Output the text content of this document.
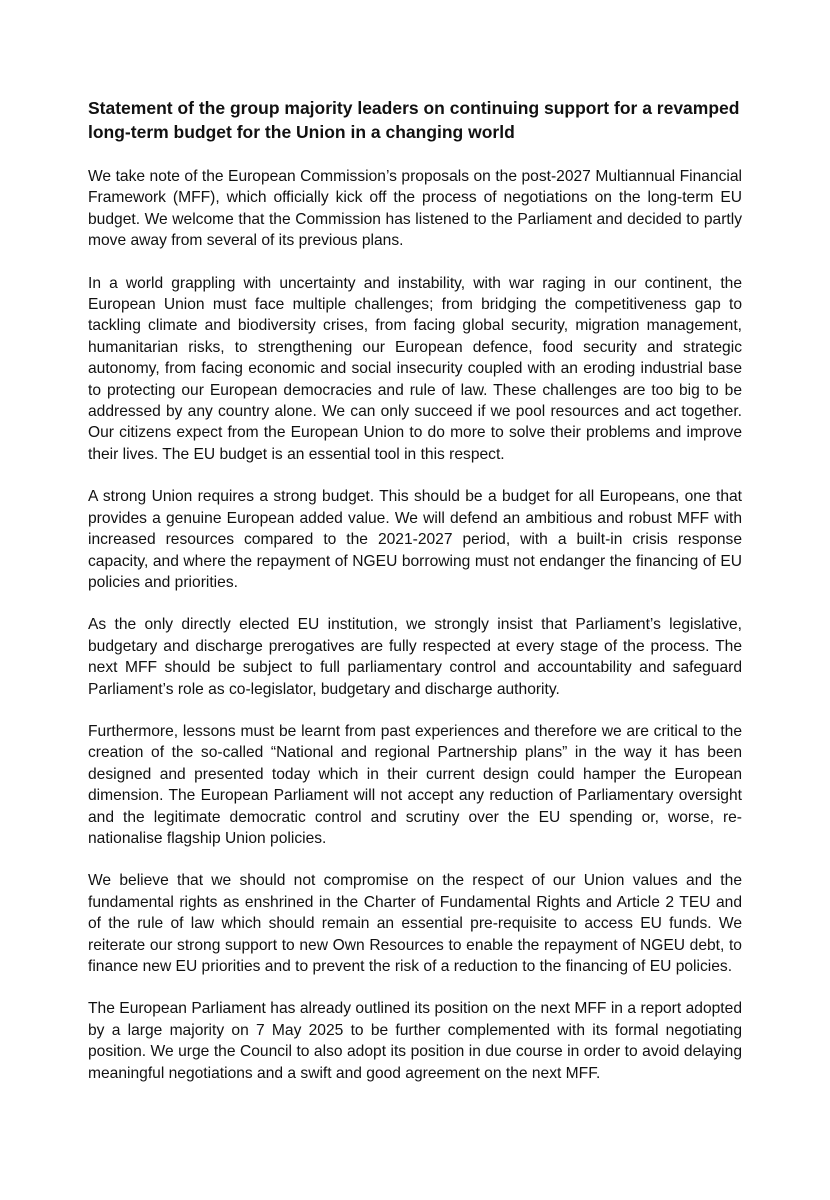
Statement of the group majority leaders on continuing support for a revamped long-term budget for the Union in a changing world

We take note of the European Commission’s proposals on the post-2027 Multiannual Financial Framework (MFF), which officially kick off the process of negotiations on the long-term EU budget. We welcome that the Commission has listened to the Parliament and decided to partly move away from several of its previous plans.

In a world grappling with uncertainty and instability, with war raging in our continent, the European Union must face multiple challenges; from bridging the competitiveness gap to tackling climate and biodiversity crises, from facing global security, migration management, humanitarian risks, to strengthening our European defence, food security and strategic autonomy, from facing economic and social insecurity coupled with an eroding industrial base to protecting our European democracies and rule of law. These challenges are too big to be addressed by any country alone. We can only succeed if we pool resources and act together. Our citizens expect from the European Union to do more to solve their problems and improve their lives. The EU budget is an essential tool in this respect.

A strong Union requires a strong budget. This should be a budget for all Europeans, one that provides a genuine European added value. We will defend an ambitious and robust MFF with increased resources compared to the 2021-2027 period, with a built-in crisis response capacity, and where the repayment of NGEU borrowing must not endanger the financing of EU policies and priorities.

As the only directly elected EU institution, we strongly insist that Parliament’s legislative, budgetary and discharge prerogatives are fully respected at every stage of the process. The next MFF should be subject to full parliamentary control and accountability and safeguard Parliament’s role as co-legislator, budgetary and discharge authority.

Furthermore, lessons must be learnt from past experiences and therefore we are critical to the creation of the so-called “National and regional Partnership plans” in the way it has been designed and presented today which in their current design could hamper the European dimension. The European Parliament will not accept any reduction of Parliamentary oversight and the legitimate democratic control and scrutiny over the EU spending or, worse, re-nationalise flagship Union policies.

We believe that we should not compromise on the respect of our Union values and the fundamental rights as enshrined in the Charter of Fundamental Rights and Article 2 TEU and of the rule of law which should remain an essential pre-requisite to access EU funds. We reiterate our strong support to new Own Resources to enable the repayment of NGEU debt, to finance new EU priorities and to prevent the risk of a reduction to the financing of EU policies.

The European Parliament has already outlined its position on the next MFF in a report adopted by a large majority on 7 May 2025 to be further complemented with its formal negotiating position. We urge the Council to also adopt its position in due course in order to avoid delaying meaningful negotiations and a swift and good agreement on the next MFF.
